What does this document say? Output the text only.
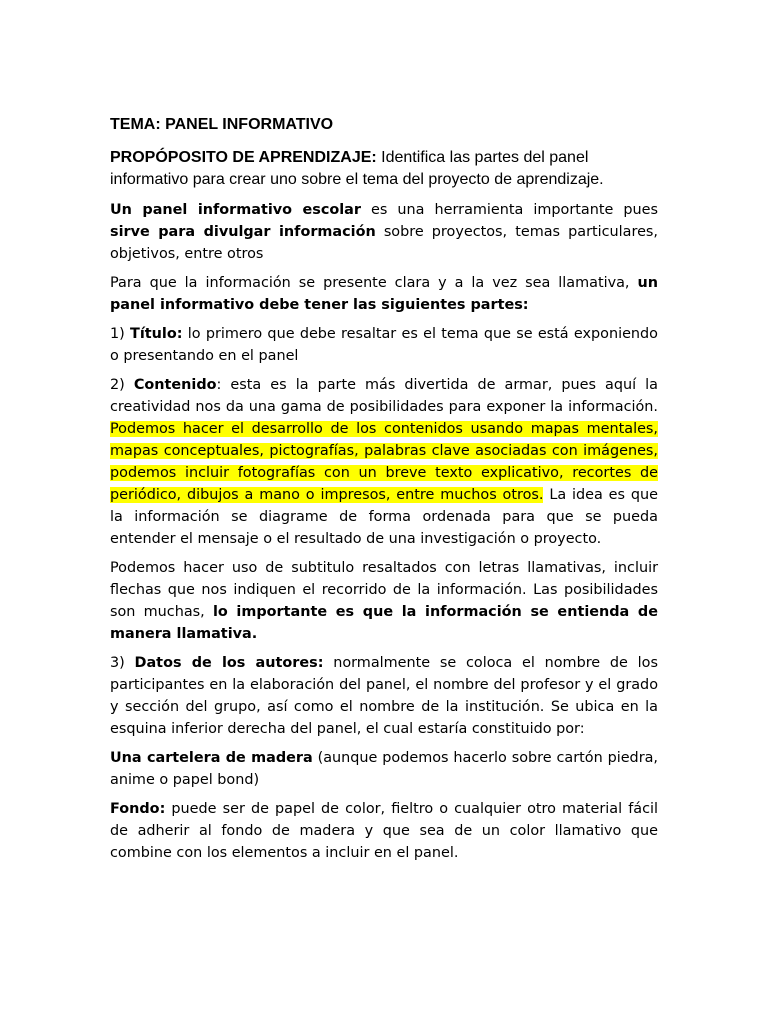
TEMA: PANEL INFORMATIVO
PROPÓPOSITO DE APRENDIZAJE: Identifica las partes del panel informativo para crear uno sobre el tema del proyecto de aprendizaje.

Un panel informativo escolar es una herramienta importante pues sirve para divulgar información sobre proyectos, temas particulares, objetivos, entre otros

Para que la información se presente clara y a la vez sea llamativa, un panel informativo debe tener las siguientes partes:

1) Título: lo primero que debe resaltar es el tema que se está exponiendo o presentando en el panel

2) Contenido: esta es la parte más divertida de armar, pues aquí la creatividad nos da una gama de posibilidades para exponer la información. Podemos hacer el desarrollo de los contenidos usando mapas mentales, mapas conceptuales, pictografías, palabras clave asociadas con imágenes, podemos incluir fotografías con un breve texto explicativo, recortes de periódico, dibujos a mano o impresos, entre muchos otros. La idea es que la información se diagrame de forma ordenada para que se pueda entender el mensaje o el resultado de una investigación o proyecto.

Podemos hacer uso de subtitulo resaltados con letras llamativas, incluir flechas que nos indiquen el recorrido de la información. Las posibilidades son muchas, lo importante es que la información se entienda de manera llamativa.

3) Datos de los autores: normalmente se coloca el nombre de los participantes en la elaboración del panel, el nombre del profesor y el grado y sección del grupo, así como el nombre de la institución. Se ubica en la esquina inferior derecha del panel, el cual estaría constituido por:

Una cartelera de madera (aunque podemos hacerlo sobre cartón piedra, anime o papel bond)

Fondo: puede ser de papel de color, fieltro o cualquier otro material fácil de adherir al fondo de madera y que sea de un color llamativo que combine con los elementos a incluir en el panel.
